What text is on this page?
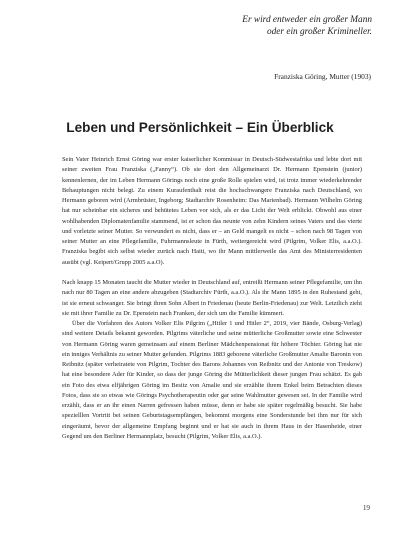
Er wird entweder ein großer Mann
oder ein großer Krimineller.
Franziska Göring, Mutter (1903)
Leben und Persönlichkeit – Ein Überblick
Sein Vater Heinrich Ernst Göring war erster kaiserlicher Kommissar in Deutsch-Südwestafrika und lebte dort mit seiner zweiten Frau Franziska („Fanny“). Ob sie dort den Allgemeinarzt Dr. Hermann Epenstein (junior) kennenlernen, der im Leben Hermann Görings noch eine große Rolle spielen wird, ist trotz immer wiederkehrender Behauptungen nicht belegt. Zu einem Kuraufenthalt reist die hochschwangere Franziska nach Deutschland, wo Hermann geboren wird (Armbrüster, Ingeborg; Stadtarchiv Rosenheim: Das Marienbad). Hermann Wilhelm Göring hat nur scheinbar ein sicheres und behütetes Leben vor sich, als er das Licht der Welt erblickt. Obwohl aus einer wohlhabenden Diplomatenfamilie stammend, ist er schon das neunte von zehn Kindern seines Vaters und das vierte und vorletzte seiner Mutter. So verwundert es nicht, dass er – an Geld mangelt es nicht – schon nach 98 Tagen von seiner Mutter an eine Pflegefamilie, Fuhrmannsleute in Fürth, weitergereicht wird (Pilgrim, Volker Elis, a.a.O.). Franziska begibt sich selbst wieder zurück nach Haiti, wo ihr Mann mittlerweile das Amt des Ministerresidenten ausübt (vgl. Keipert/Grupp 2005 a.a.O).
Nach knapp 15 Monaten taucht die Mutter wieder in Deutschland auf, entreißt Hermann seiner Pflegefamilie, um ihn nach nur 80 Tagen an eine andere abzugeben (Stadtarchiv Fürth, a.a.O.). Als ihr Mann 1895 in den Ruhestand geht, ist sie erneut schwanger. Sie bringt ihren Sohn Albert in Friedenau (heute Berlin-Friedenau) zur Welt. Letztlich zieht sie mit ihrer Familie zu Dr. Epenstein nach Franken, der sich um die Familie kümmert.
Über die Vorfahren des Autors Volker Elis Pilgrim („Hitler 1 und Hitler 2“, 2019, vier Bände, Osburg-Verlag) sind weitere Details bekannt geworden. Pilgrims väterliche und seine mütterliche Großmutter sowie eine Schwester von Hermann Göring waren gemeinsam auf einem Berliner Mädchenpensionat für höhere Töchter. Göring hat nie ein inniges Verhältnis zu seiner Mutter gefunden. Pilgrims 1883 geborene väterliche Großmutter Amalie Baronin von Reibnitz (später verheiratete von Pilgrim, Tochter des Barons Johannes von Reibnitz und der Antonie von Treskow) hat eine besondere Ader für Kinder, so dass der junge Göring die Mütterlichkeit dieser jungen Frau schätzt. Es gab ein Foto des etwa elfjährigen Göring im Besitz von Amalie und sie erzählte ihrem Enkel beim Betrachten dieses Fotos, dass sie so etwas wie Görings Psychotherapeutin oder gar seine Wahlmutter gewesen sei. In der Familie wird erzählt, dass er an ihr einen Narren gefressen haben müsse, denn er habe sie später regelmäßig besucht. Sie habe spezielllen Vortritt bei seinen Geburtstagsempfängen, bekommt morgens eine Sonderstunde bei ihm nur für sich eingeräumt, bevor der allgemeine Empfang beginnt und er hat sie auch in ihrem Haus in der Hasenheide, einer Gegend um den Berliner Hermannplatz, besucht (Pilgrim, Volker Elis, a.a.O.).
19
